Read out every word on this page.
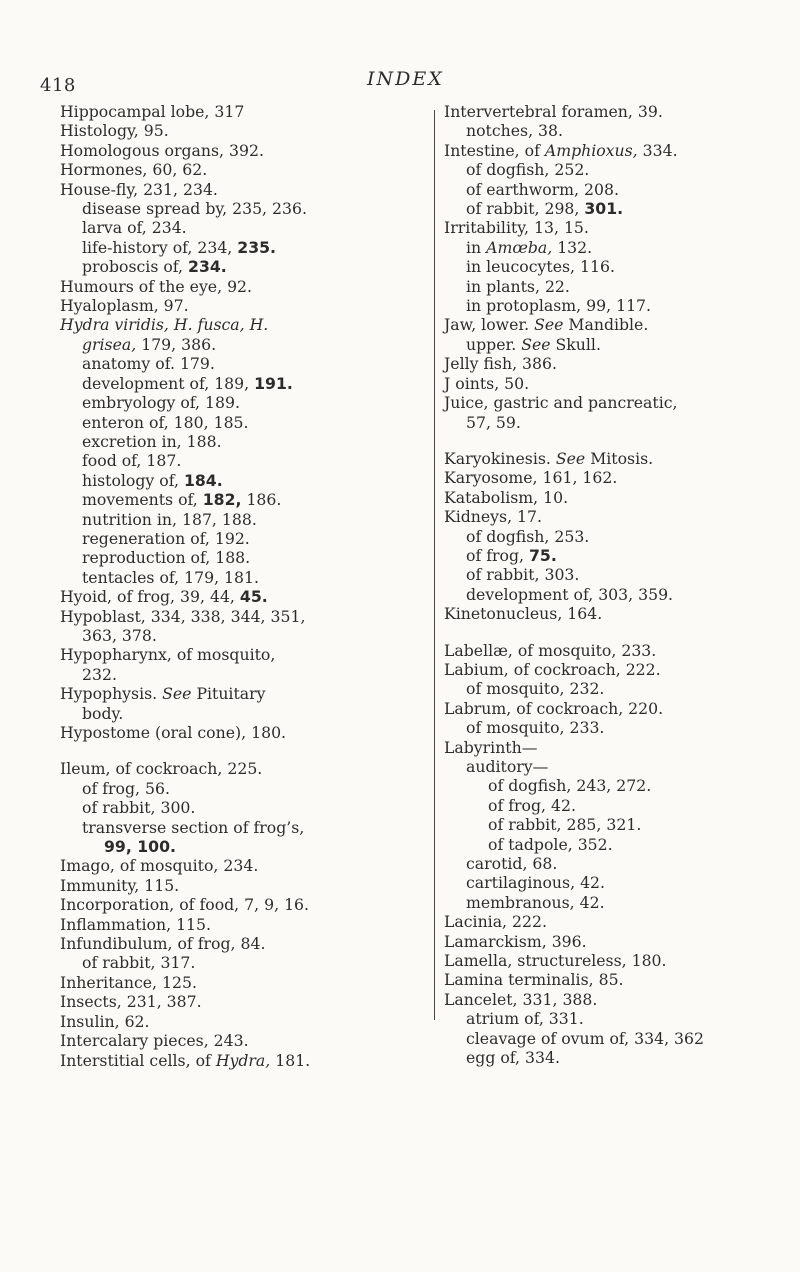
418	INDEX
Hippocampal lobe, 317
Histology, 95.
Homologous organs, 392.
Hormones, 60, 62.
House-fly, 231, 234.
disease spread by, 235, 236.
larva of, 234.
life-history of, 234, 235.
proboscis of, 234.
Humours of the eye, 92.
Hyaloplasm, 97.
Hydra viridis, H. fusca, H.
grisea, 179, 386.
anatomy of. 179.
development of, 189, 191.
embryology of, 189.
enteron of, 180, 185.
excretion in, 188.
food of, 187.
histology of, 184.
movements of, 182, 186.
nutrition in, 187, 188.
regeneration of, 192.
reproduction of, 188.
tentacles of, 179, 181.
Hyoid, of frog, 39, 44, 45.
Hypoblast, 334, 338, 344, 351,
363, 378.
Hypopharynx, of mosquito,
232.
Hypophysis. See Pituitary
body.
Hypostome (oral cone), 180.
Ileum, of cockroach, 225.
of frog, 56.
of rabbit, 300.
transverse section of frog’s,
99, 100.
Imago, of mosquito, 234.
Immunity, 115.
Incorporation, of food, 7, 9, 16.
Inflammation, 115.
Infundibulum, of frog, 84.
of rabbit, 317.
Inheritance, 125.
Insects, 231, 387.
Insulin, 62.
Intercalary pieces, 243.
Interstitial cells, of Hydra, 181.
Intervertebral foramen, 39.
notches, 38.
Intestine, of Amphioxus, 334.
of dogfish, 252.
of earthworm, 208.
of rabbit, 298, 301.
Irritability, 13, 15.
in Amœba, 132.
in leucocytes, 116.
in plants, 22.
in protoplasm, 99, 117.
Jaw, lower. See Mandible.
upper. See Skull.
Jelly fish, 386.
J oints, 50.
Juice, gastric and pancreatic,
57, 59.
Karyokinesis. See Mitosis.
Karyosome, 161, 162.
Katabolism, 10.
Kidneys, 17.
of dogfish, 253.
of frog, 75.
of rabbit, 303.
development of, 303, 359.
Kinetonucleus, 164.
Labellæ, of mosquito, 233.
Labium, of cockroach, 222.
of mosquito, 232.
Labrum, of cockroach, 220.
of mosquito, 233.
Labyrinth—
auditory—
of dogfish, 243, 272.
of frog, 42.
of rabbit, 285, 321.
of tadpole, 352.
carotid, 68.
cartilaginous, 42.
membranous, 42.
Lacinia, 222.
Lamarckism, 396.
Lamella, structureless, 180.
Lamina terminalis, 85.
Lancelet, 331, 388.
atrium of, 331.
cleavage of ovum of, 334, 362
egg of, 334.
